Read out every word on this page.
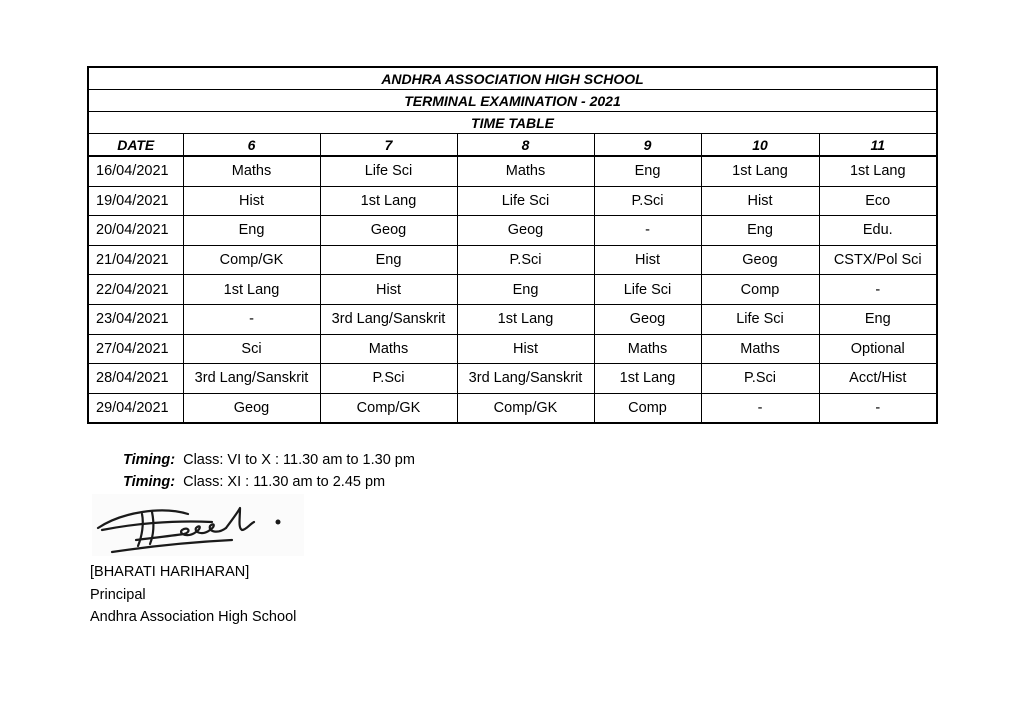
ANDHRA ASSOCIATION HIGH SCHOOL						
TERMINAL EXAMINATION - 2021						
TIME TABLE						
DATE	6	7	8	9	10	11
16/04/2021	Maths	Life Sci	Maths	Eng	1st Lang	1st Lang
19/04/2021	Hist	1st Lang	Life Sci	P.Sci	Hist	Eco
20/04/2021	Eng	Geog	Geog	-	Eng	Edu.
21/04/2021	Comp/GK	Eng	P.Sci	Hist	Geog	CSTX/Pol Sci
22/04/2021	1st Lang	Hist	Eng	Life Sci	Comp	-
23/04/2021	-	3rd Lang/Sanskrit	1st Lang	Geog	Life Sci	Eng
27/04/2021	Sci	Maths	Hist	Maths	Maths	Optional
28/04/2021	3rd Lang/Sanskrit	P.Sci	3rd Lang/Sanskrit	1st Lang	P.Sci	Acct/Hist
29/04/2021	Geog	Comp/GK	Comp/GK	Comp	-	-
Timing: Class: VI to X : 11.30 am to 1.30 pm
Timing: Class: XI : 11.30 am to 2.45 pm
[BHARATI HARIHARAN]
Principal
Andhra Association High School
